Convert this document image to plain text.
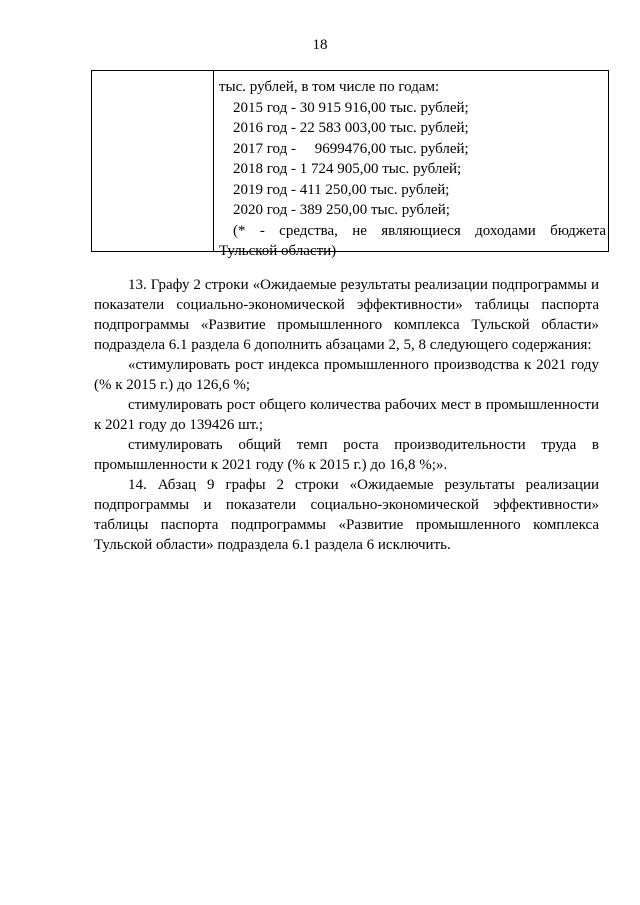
18
тыс. рублей, в том числе по годам:
2015 год - 30 915 916,00 тыс. рублей;
2016 год - 22 583 003,00 тыс. рублей;
2017 год -     9699476,00 тыс. рублей;
2018 год - 1 724 905,00 тыс. рублей;
2019 год - 411 250,00 тыс. рублей;
2020 год - 389 250,00 тыс. рублей;
(* - средства, не являющиеся доходами бюджета
Тульской области)

13. Графу 2 строки «Ожидаемые результаты реализации подпрограммы и показатели социально-экономической эффективности» таблицы паспорта подпрограммы «Развитие промышленного комплекса Тульской области» подраздела 6.1 раздела 6 дополнить абзацами 2, 5, 8 следующего содержания:

«стимулировать рост индекса промышленного производства к 2021 году (% к 2015 г.) до 126,6 %;

стимулировать рост общего количества рабочих мест в промышленности к 2021 году до 139426 шт.;

стимулировать общий темп роста производительности труда в промышленности к 2021 году (% к 2015 г.) до 16,8 %;».

14. Абзац 9 графы 2 строки «Ожидаемые результаты реализации подпрограммы и показатели социально-экономической эффективности» таблицы паспорта подпрограммы «Развитие промышленного комплекса Тульской области» подраздела 6.1 раздела 6 исключить.
